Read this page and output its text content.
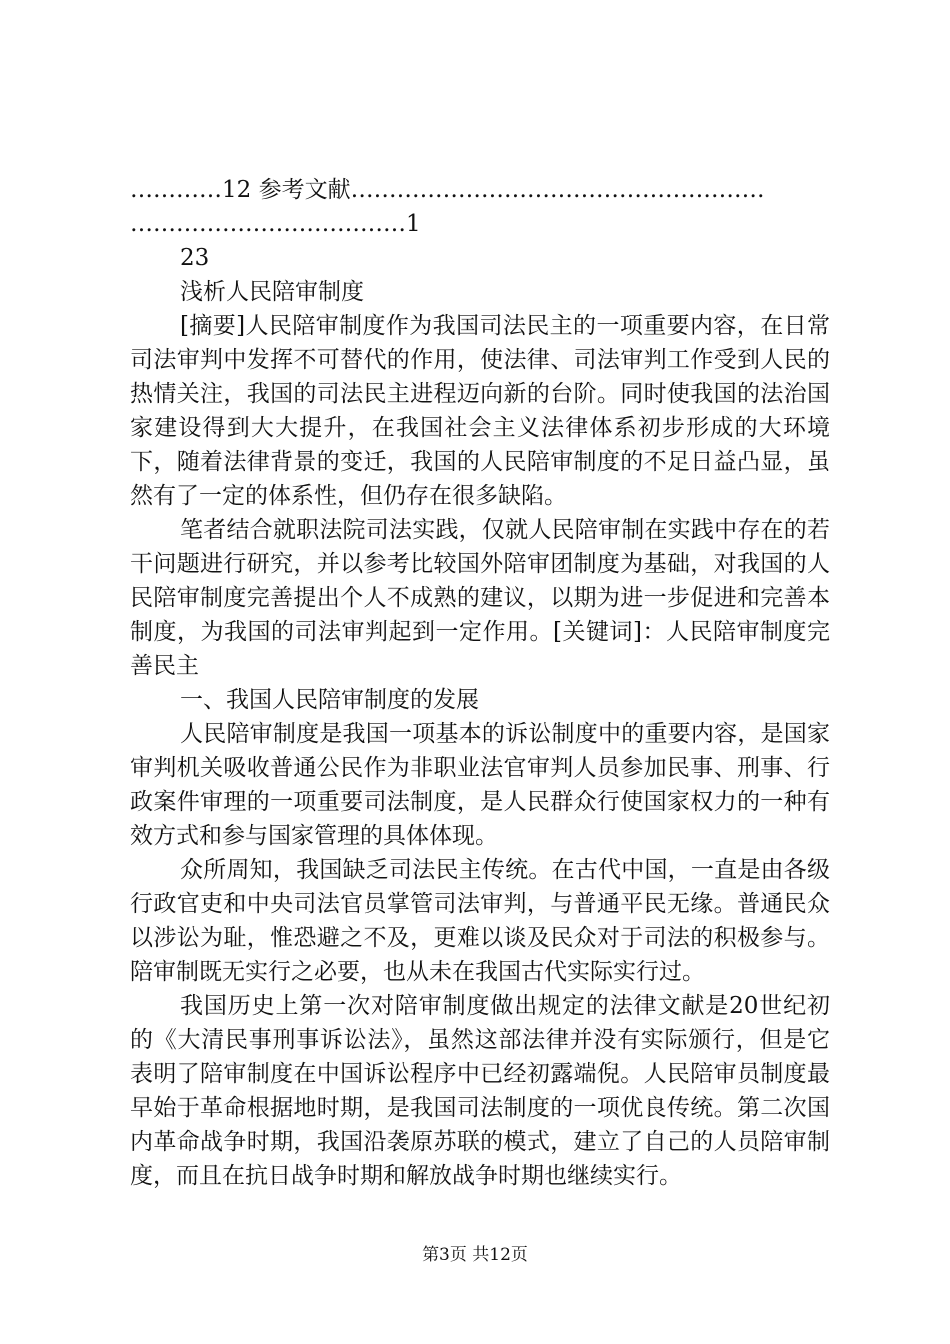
…………12 参考文献………………………………………………
………………………………1
23
浅析人民陪审制度

[摘要]人民陪审制度作为我国司法民主的一项重要内容，在日常司法审判中发挥不可替代的作用，使法律、司法审判工作受到人民的热情关注，我国的司法民主进程迈向新的台阶。同时使我国的法治国家建设得到大大提升，在我国社会主义法律体系初步形成的大环境下，随着法律背景的变迁，我国的人民陪审制度的不足日益凸显，虽然有了一定的体系性，但仍存在很多缺陷。

笔者结合就职法院司法实践，仅就人民陪审制在实践中存在的若干问题进行研究，并以参考比较国外陪审团制度为基础，对我国的人民陪审制度完善提出个人不成熟的建议，以期为进一步促进和完善本制度，为我国的司法审判起到一定作用。[关键词]：人民陪审制度完善民主

一、我国人民陪审制度的发展

人民陪审制度是我国一项基本的诉讼制度中的重要内容，是国家审判机关吸收普通公民作为非职业法官审判人员参加民事、刑事、行政案件审理的一项重要司法制度，是人民群众行使国家权力的一种有效方式和参与国家管理的具体体现。

众所周知，我国缺乏司法民主传统。在古代中国，一直是由各级行政官吏和中央司法官员掌管司法审判，与普通平民无缘。普通民众以涉讼为耻，惟恐避之不及，更难以谈及民众对于司法的积极参与。陪审制既无实行之必要，也从未在我国古代实际实行过。

我国历史上第一次对陪审制度做出规定的法律文献是20世纪初的《大清民事刑事诉讼法》，虽然这部法律并没有实际颁行，但是它表明了陪审制度在中国诉讼程序中已经初露端倪。人民陪审员制度最早始于革命根据地时期，是我国司法制度的一项优良传统。第二次国内革命战争时期，我国沿袭原苏联的模式，建立了自己的人员陪审制度，而且在抗日战争时期和解放战争时期也继续实行。

第3页 共12页
